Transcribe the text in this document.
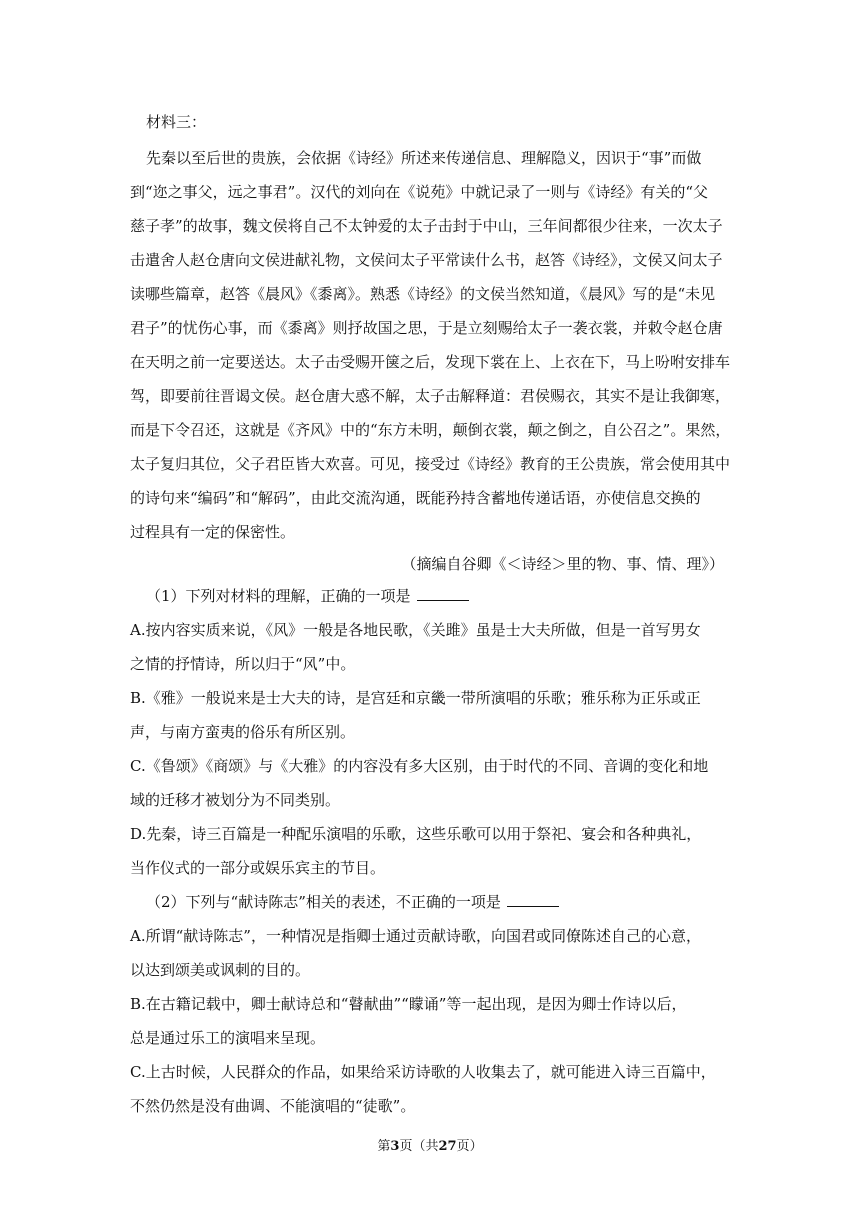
材料三：
先秦以至后世的贵族，会依据《诗经》所述来传递信息、理解隐义，因识于“事”而做
到“迩之事父，远之事君”。汉代的刘向在《说苑》中就记录了一则与《诗经》有关的“父
慈子孝”的故事，魏文侯将自己不太钟爱的太子击封于中山，三年间都很少往来，一次太子
击遣舍人赵仓唐向文侯进献礼物，文侯问太子平常读什么书，赵答《诗经》，文侯又问太子
读哪些篇章，赵答《晨风》《黍离》。熟悉《诗经》的文侯当然知道，《晨风》写的是“未见
君子”的忧伤心事，而《黍离》则抒故国之思，于是立刻赐给太子一袭衣裳，并敕令赵仓唐
在天明之前一定要送达。太子击受赐开箧之后，发现下裳在上、上衣在下，马上吩咐安排车
驾，即要前往晋谒文侯。赵仓唐大惑不解，太子击解释道：君侯赐衣，其实不是让我御寒，
而是下令召还，这就是《齐风》中的“东方未明，颠倒衣裳，颠之倒之，自公召之”。果然，
太子复归其位，父子君臣皆大欢喜。可见，接受过《诗经》教育的王公贵族，常会使用其中
的诗句来“编码”和“解码”，由此交流沟通，既能矜持含蓄地传递话语，亦使信息交换的
过程具有一定的保密性。
（摘编自谷卿《＜诗经＞里的物、事、情、理》）
（1）下列对材料的理解，正确的一项是
A.按内容实质来说，《风》一般是各地民歌，《关雎》虽是士大夫所做，但是一首写男女
之情的抒情诗，所以归于“风”中。
B.《雅》一般说来是士大夫的诗，是宫廷和京畿一带所演唱的乐歌；雅乐称为正乐或正
声，与南方蛮夷的俗乐有所区别。
C.《鲁颂》《商颂》与《大雅》的内容没有多大区别，由于时代的不同、音调的变化和地
域的迁移才被划分为不同类别。
D.先秦，诗三百篇是一种配乐演唱的乐歌，这些乐歌可以用于祭祀、宴会和各种典礼，
当作仪式的一部分或娱乐宾主的节目。
（2）下列与“献诗陈志”相关的表述，不正确的一项是
A.所谓“献诗陈志”，一种情况是指卿士通过贡献诗歌，向国君或同僚陈述自己的心意，
以达到颂美或讽刺的目的。
B.在古籍记载中，卿士献诗总和“瞽献曲”“矇诵”等一起出现，是因为卿士作诗以后，
总是通过乐工的演唱来呈现。
C.上古时候，人民群众的作品，如果给采访诗歌的人收集去了，就可能进入诗三百篇中，
不然仍然是没有曲调、不能演唱的“徒歌”。
第3页（共27页）
